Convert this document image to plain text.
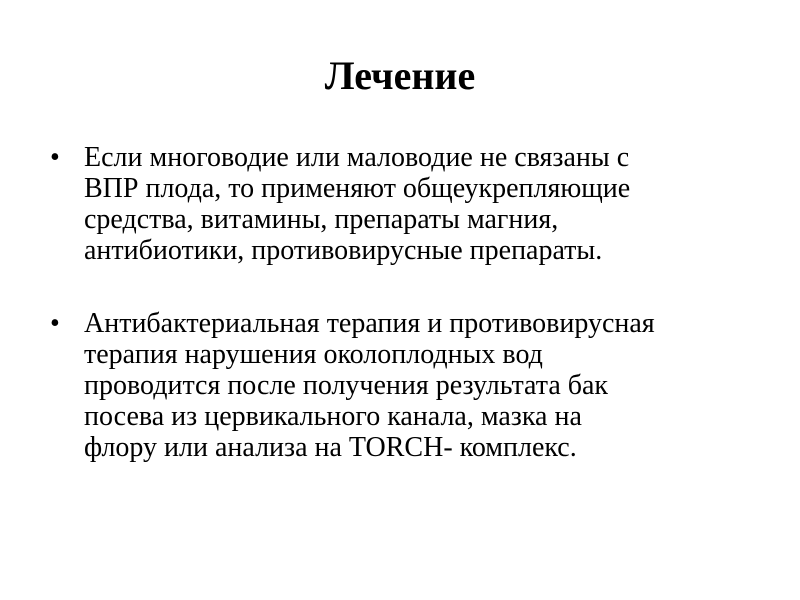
Лечение
• Если многоводие или маловодие не связаны с
ВПР плода, то применяют общеукрепляющие
средства, витамины, препараты магния,
антибиотики, противовирусные препараты.
• Антибактериальная терапия и противовирусная
терапия нарушения околоплодных вод
проводится после получения результата бак
посева из цервикального канала, мазка на
флору или анализа на TORCH- комплекс.
